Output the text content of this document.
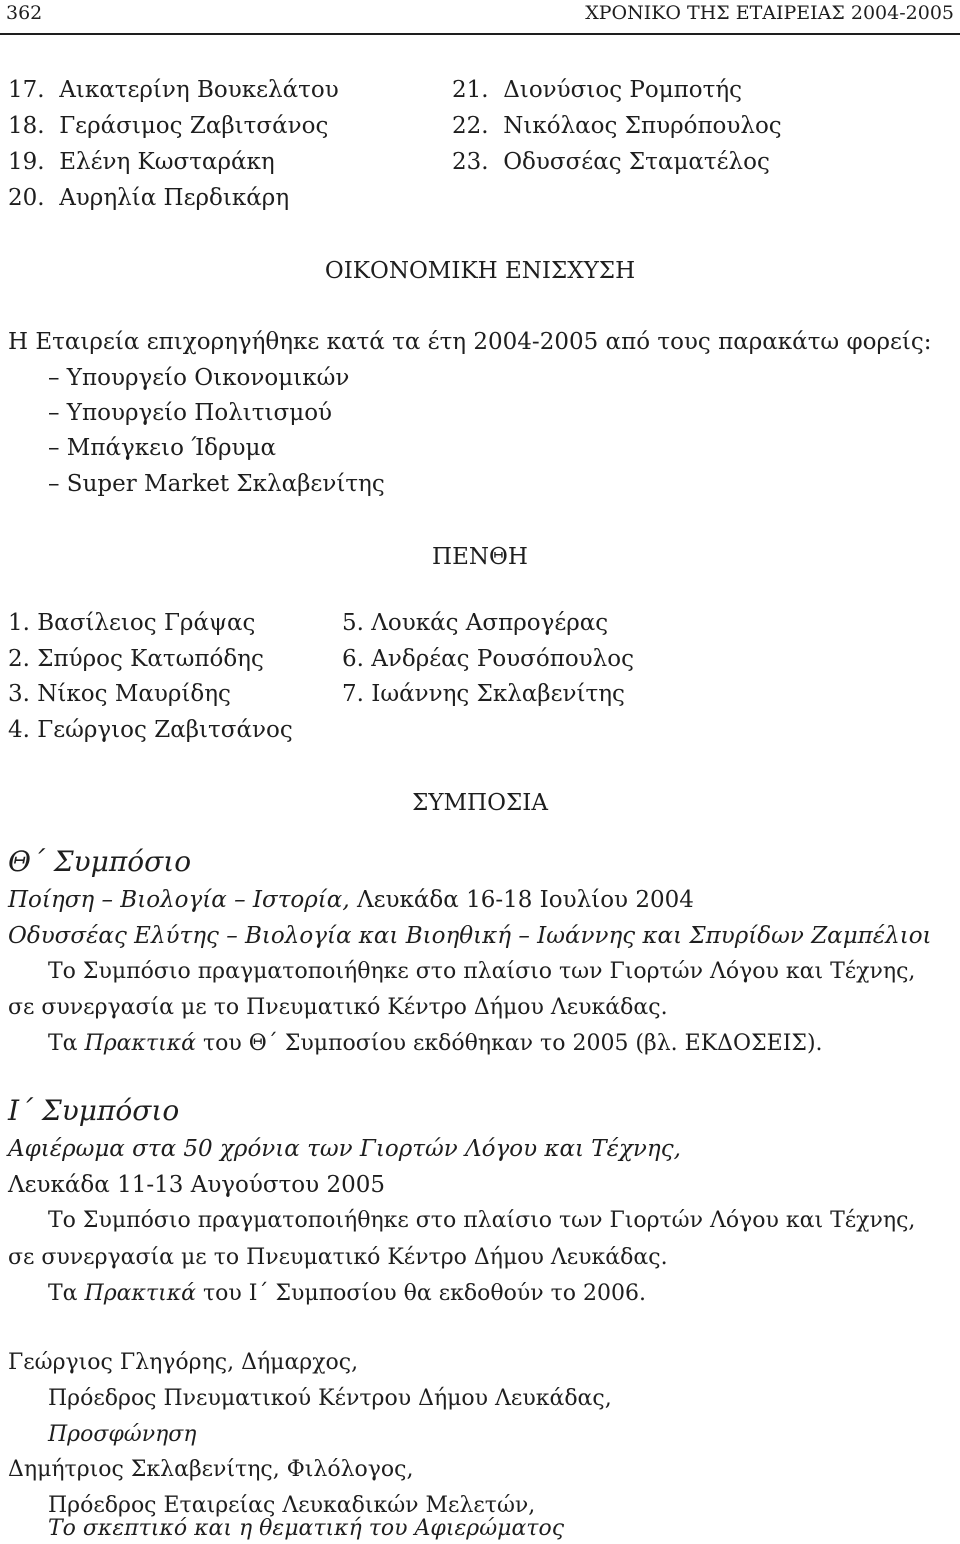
362	ΧΡΟΝΙΚΟ ΤΗΣ ΕΤΑΙΡΕΙΑΣ 2004-2005
17.  Αικατερίνη Βουκελάτου
18.  Γεράσιμος Ζαβιτσάνος
19.  Ελένη Κωσταράκη
20.  Αυρηλία Περδικάρη
21.  Διονύσιος Ρομποτής
22.  Νικόλαος Σπυρόπουλος
23.  Οδυσσέας Σταματέλος
ΟΙΚΟΝΟΜΙΚΗ ΕΝΙΣΧΥΣΗ
Η Εταιρεία επιχορηγήθηκε κατά τα έτη 2004-2005 από τους παρακάτω φορείς:
– Υπουργείο Οικονομικών
– Υπουργείο Πολιτισμού
– Μπάγκειο Ίδρυμα
– Super Market Σκλαβενίτης
ΠΕΝΘΗ
1. Βασίλειος Γράψας
2. Σπύρος Κατωπόδης
3. Νίκος Μαυρίδης
4. Γεώργιος Ζαβιτσάνος
5. Λουκάς Ασπρογέρας
6. Ανδρέας Ρουσόπουλος
7. Ιωάννης Σκλαβενίτης
ΣΥΜΠΟΣΙΑ
Θ΄ Συμπόσιο
Ποίηση – Βιολογία – Ιστορία, Λευκάδα 16-18 Ιουλίου 2004
Οδυσσέας Ελύτης – Βιολογία και Βιοηθική – Ιωάννης και Σπυρίδων Ζαμπέλιοι
Το Συμπόσιο πραγματοποιήθηκε στο πλαίσιο των Γιορτών Λόγου και Τέχνης,
σε συνεργασία με το Πνευματικό Κέντρο Δήμου Λευκάδας.
Τα Πρακτικά του Θ΄ Συμποσίου εκδόθηκαν το 2005 (βλ. ΕΚΔΟΣΕΙΣ).
Ι΄ Συμπόσιο
Αφιέρωμα στα 50 χρόνια των Γιορτών Λόγου και Τέχνης,
Λευκάδα 11-13 Αυγούστου 2005
Το Συμπόσιο πραγματοποιήθηκε στο πλαίσιο των Γιορτών Λόγου και Τέχνης,
σε συνεργασία με το Πνευματικό Κέντρο Δήμου Λευκάδας.
Τα Πρακτικά του Ι΄ Συμποσίου θα εκδοθούν το 2006.
Γεώργιος Γληγόρης, Δήμαρχος,
Πρόεδρος Πνευματικού Κέντρου Δήμου Λευκάδας,
Προσφώνηση
Δημήτριος Σκλαβενίτης, Φιλόλογος,
Πρόεδρος Εταιρείας Λευκαδικών Μελετών,
Το σκεπτικό και η θεματική του Αφιερώματος
